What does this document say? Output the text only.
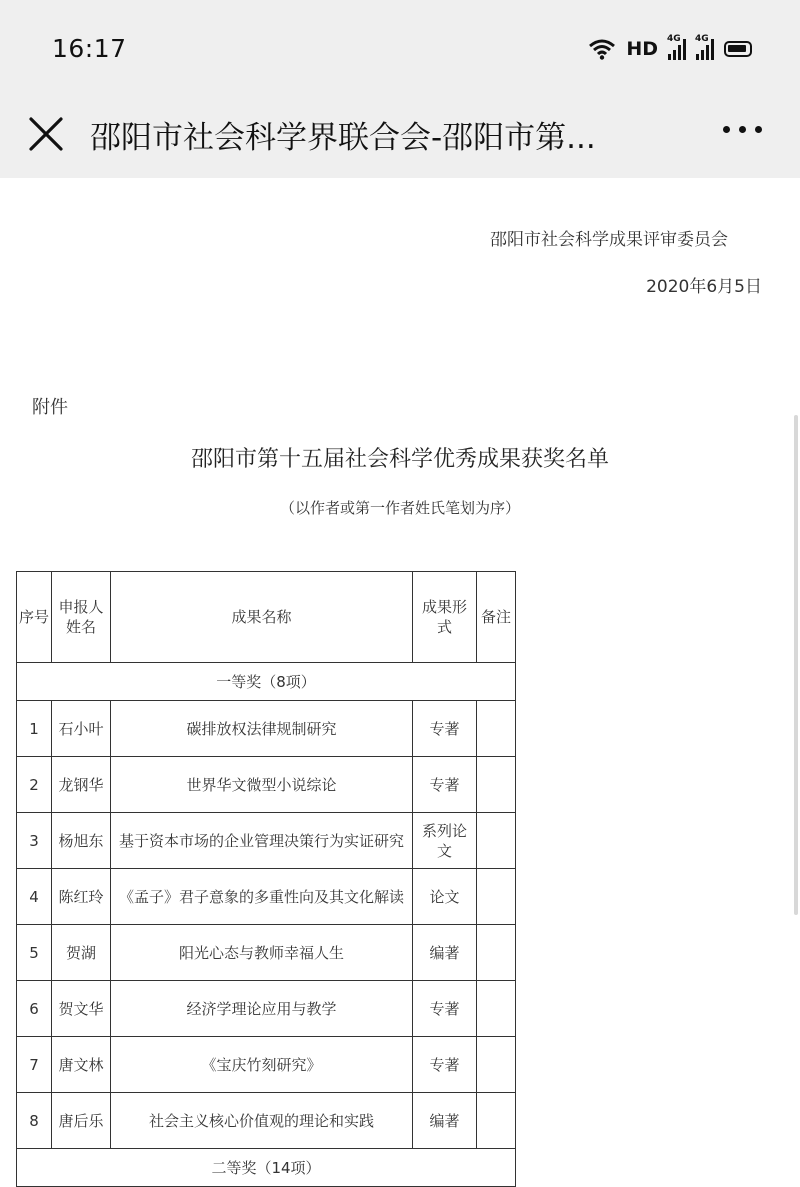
16:17	HD 4G 4G
邵阳市社会科学界联合会-邵阳市第...
邵阳市社会科学成果评审委员会
2020年6月5日
附件
邵阳市第十五届社会科学优秀成果获奖名单
（以作者或第一作者姓氏笔划为序）
序号	申报人姓名	成果名称	成果形式	备注
一等奖（8项）				
1	石小叶	碳排放权法律规制研究	专著	
2	龙钢华	世界华文微型小说综论	专著	
3	杨旭东	基于资本市场的企业管理决策行为实证研究	系列论文	
4	陈红玲	《孟子》君子意象的多重性向及其文化解读	论文	
5	贺湖	阳光心态与教师幸福人生	编著	
6	贺文华	经济学理论应用与教学	专著	
7	唐文林	《宝庆竹刻研究》	专著	
8	唐后乐	社会主义核心价值观的理论和实践	编著	
二等奖（14项）				
